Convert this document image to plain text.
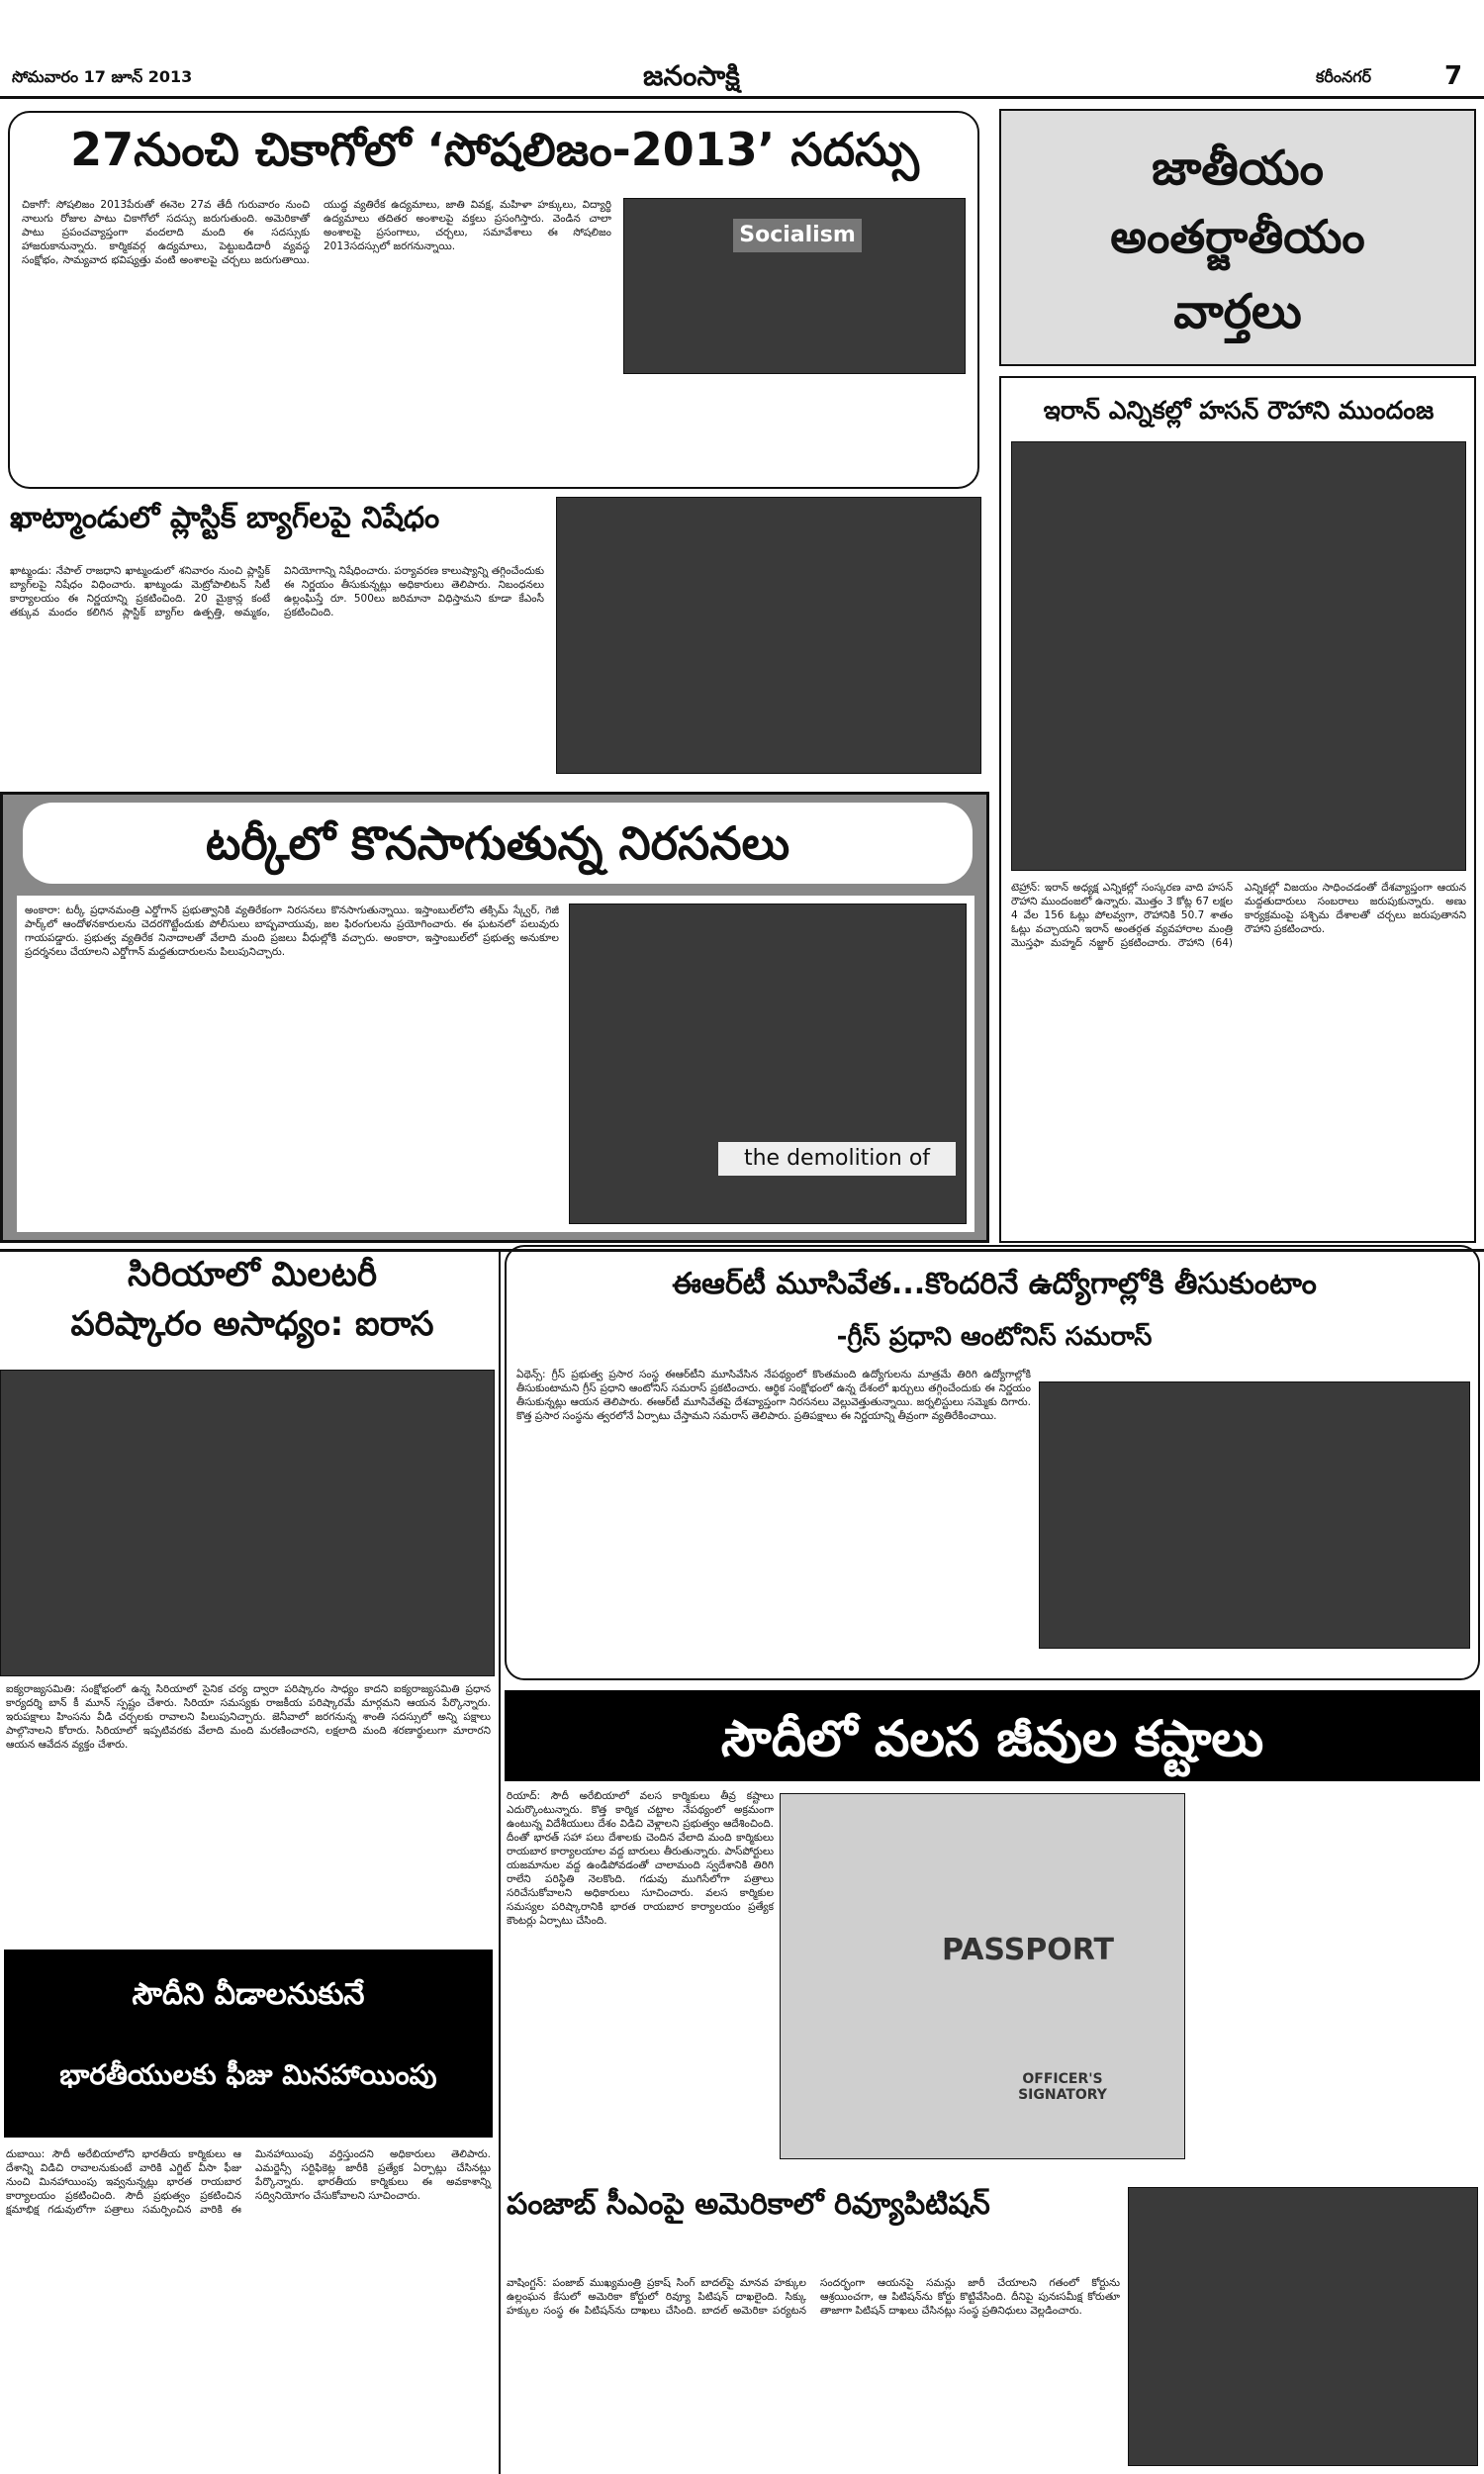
సోమవారం 17 జూన్ 2013	జనంసాక్షి	కరీంనగర్	7
27నుంచి చికాగోలో ‘సోషలిజం-2013’ సదస్సు
చికాగో: సోషలిజం 2013పేరుతో ఈనెల 27వ తేదీ గురువారం నుంచి నాలుగు రోజుల పాటు చికాగోలో సదస్సు జరుగుతుంది. అమెరికాతో పాటు ప్రపంచవ్యాప్తంగా వందలాది మంది ఈ సదస్సుకు హాజరుకానున్నారు. కార్మికవర్గ ఉద్యమాలు, పెట్టుబడిదారీ వ్యవస్థ సంక్షోభం, సామ్యవాద భవిష్యత్తు వంటి అంశాలపై చర్చలు జరుగుతాయి. యుద్ధ వ్యతిరేక ఉద్యమాలు, జాతి వివక్ష, మహిళా హక్కులు, విద్యార్థి ఉద్యమాలు తదితర అంశాలపై వక్తలు ప్రసంగిస్తారు. వెండిన చాలా అంశాలపై ప్రసంగాలు, చర్చలు, సమావేశాలు ఈ సోషలిజం 2013సదస్సులో జరగనున్నాయి.	Socialism
జాతీయం
అంతర్జాతీయం
వార్తలు
ఖాట్మాండులో ప్లాస్టిక్ బ్యాగ్‌లపై నిషేధం
ఖాట్మండు: నేపాల్ రాజధాని ఖాట్మండులో శనివారం నుంచి ప్లాస్టిక్ బ్యాగ్‌లపై నిషేధం విధించారు. ఖాట్మండు మెట్రోపాలిటన్ సిటీ కార్యాలయం ఈ నిర్ణయాన్ని ప్రకటించింది. 20 మైక్రాన్ల కంటే తక్కువ మందం కలిగిన ప్లాస్టిక్ బ్యాగ్‌ల ఉత్పత్తి, అమ్మకం, వినియోగాన్ని నిషేధించారు. పర్యావరణ కాలుష్యాన్ని తగ్గించేందుకు ఈ నిర్ణయం తీసుకున్నట్లు అధికారులు తెలిపారు. నిబంధనలు ఉల్లంఘిస్తే రూ. 500లు జరిమానా విధిస్తామని కూడా కేఎంసీ ప్రకటించింది.
ఇరాన్ ఎన్నికల్లో హసన్ రౌహాని ముందంజ
టెహ్రాన్: ఇరాన్ అధ్యక్ష ఎన్నికల్లో సంస్కరణ వాది హసన్ రౌహాని ముందంజలో ఉన్నారు. మొత్తం 3 కోట్ల 67 లక్షల 4 వేల 156 ఓట్లు పోలవ్వగా, రౌహానికి 50.7 శాతం ఓట్లు వచ్చాయని ఇరాన్ అంతర్గత వ్యవహారాల మంత్రి మొస్తఫా మహ్మద్ నజ్జార్ ప్రకటించారు. రౌహాని (64) ఎన్నికల్లో విజయం సాధించడంతో దేశవ్యాప్తంగా ఆయన మద్దతుదారులు సంబరాలు జరుపుకున్నారు. అణు కార్యక్రమంపై పశ్చిమ దేశాలతో చర్చలు జరుపుతానని రౌహాని ప్రకటించారు.
టర్కీలో కొనసాగుతున్న నిరసనలు
అంకారా: టర్కీ ప్రధానమంత్రి ఎర్డోగాన్ ప్రభుత్వానికి వ్యతిరేకంగా నిరసనలు కొనసాగుతున్నాయి. ఇస్తాంబుల్‌లోని తక్సిమ్ స్క్వేర్, గెజీ పార్క్‌లో ఆందోళనకారులను చెదరగొట్టేందుకు పోలీసులు బాష్పవాయువు, జల ఫిరంగులను ప్రయోగించారు. ఈ ఘటనలో పలువురు గాయపడ్డారు. ప్రభుత్వ వ్యతిరేక నినాదాలతో వేలాది మంది ప్రజలు వీధుల్లోకి వచ్చారు. అంకారా, ఇస్తాంబుల్‌లో ప్రభుత్వ అనుకూల ప్రదర్శనలు చేయాలని ఎర్డోగాన్ మద్దతుదారులను పిలుపునిచ్చారు.
the demolition of
సిరియాలో మిలటరీ
పరిష్కారం అసాధ్యం: ఐరాస
ఐక్యరాజ్యసమితి: సంక్షోభంలో ఉన్న సిరియాలో సైనిక చర్య ద్వారా పరిష్కారం సాధ్యం కాదని ఐక్యరాజ్యసమితి ప్రధాన కార్యదర్శి బాన్ కీ మూన్ స్పష్టం చేశారు. సిరియా సమస్యకు రాజకీయ పరిష్కారమే మార్గమని ఆయన పేర్కొన్నారు. ఇరుపక్షాలు హింసను వీడి చర్చలకు రావాలని పిలుపునిచ్చారు. జెనీవాలో జరగనున్న శాంతి సదస్సులో అన్ని పక్షాలు పాల్గొనాలని కోరారు. సిరియాలో ఇప్పటివరకు వేలాది మంది మరణించారని, లక్షలాది మంది శరణార్థులుగా మారారని ఆయన ఆవేదన వ్యక్తం చేశారు.
ఈఆర్‌టీ మూసివేత...కొందరినే ఉద్యోగాల్లోకి తీసుకుంటాం
-గ్రీస్ ప్రధాని ఆంటోనిస్ సమరాస్
ఏథెన్స్: గ్రీస్ ప్రభుత్వ ప్రసార సంస్థ ఈఆర్‌టీని మూసివేసిన నేపథ్యంలో కొంతమంది ఉద్యోగులను మాత్రమే తిరిగి ఉద్యోగాల్లోకి తీసుకుంటామని గ్రీస్ ప్రధాని ఆంటోనిస్ సమరాస్ ప్రకటించారు. ఆర్థిక సంక్షోభంలో ఉన్న దేశంలో ఖర్చులు తగ్గించేందుకు ఈ నిర్ణయం తీసుకున్నట్లు ఆయన తెలిపారు. ఈఆర్‌టీ మూసివేతపై దేశవ్యాప్తంగా నిరసనలు వెల్లువెత్తుతున్నాయి. జర్నలిస్టులు సమ్మెకు దిగారు. కొత్త ప్రసార సంస్థను త్వరలోనే ఏర్పాటు చేస్తామని సమరాస్ తెలిపారు. ప్రతిపక్షాలు ఈ నిర్ణయాన్ని తీవ్రంగా వ్యతిరేకించాయి.
సౌదీలో వలస జీవుల కష్టాలు
రియాద్: సౌదీ అరేబియాలో వలస కార్మికులు తీవ్ర కష్టాలు ఎదుర్కొంటున్నారు. కొత్త కార్మిక చట్టాల నేపథ్యంలో అక్రమంగా ఉంటున్న విదేశీయులు దేశం విడిచి వెళ్లాలని ప్రభుత్వం ఆదేశించింది. దీంతో భారత్ సహా పలు దేశాలకు చెందిన వేలాది మంది కార్మికులు రాయబార కార్యాలయాల వద్ద బారులు తీరుతున్నారు. పాస్‌పోర్టులు యజమానుల వద్ద ఉండిపోవడంతో చాలామంది స్వదేశానికి తిరిగి రాలేని పరిస్థితి నెలకొంది. గడువు ముగిసేలోగా పత్రాలు సరిచేసుకోవాలని అధికారులు సూచించారు. వలస కార్మికుల సమస్యల పరిష్కారానికి భారత రాయబార కార్యాలయం ప్రత్యేక కౌంటర్లు ఏర్పాటు చేసింది.
PASSPORT
OFFICER'S SIGNATORY
సౌదీని వీడాలనుకునే
భారతీయులకు ఫీజు మినహాయింపు
దుబాయి: సౌదీ అరేబియాలోని భారతీయ కార్మికులు ఆ దేశాన్ని విడిచి రావాలనుకుంటే వారికి ఎగ్జిట్ వీసా ఫీజు నుంచి మినహాయింపు ఇవ్వనున్నట్లు భారత రాయబార కార్యాలయం ప్రకటించింది. సౌదీ ప్రభుత్వం ప్రకటించిన క్షమాభిక్ష గడువులోగా పత్రాలు సమర్పించిన వారికి ఈ మినహాయింపు వర్తిస్తుందని అధికారులు తెలిపారు. ఎమర్జెన్సీ సర్టిఫికెట్ల జారీకి ప్రత్యేక ఏర్పాట్లు చేసినట్లు పేర్కొన్నారు. భారతీయ కార్మికులు ఈ అవకాశాన్ని సద్వినియోగం చేసుకోవాలని సూచించారు.	పంజాబ్ సీఎంపై అమెరికాలో రివ్యూపిటిషన్
వాషింగ్టన్: పంజాబ్ ముఖ్యమంత్రి ప్రకాష్ సింగ్ బాదల్‌పై మానవ హక్కుల ఉల్లంఘన కేసులో అమెరికా కోర్టులో రివ్యూ పిటిషన్ దాఖలైంది. సిక్కు హక్కుల సంస్థ ఈ పిటిషన్‌ను దాఖలు చేసింది. బాదల్ అమెరికా పర్యటన సందర్భంగా ఆయనపై సమన్లు జారీ చేయాలని గతంలో కోర్టును ఆశ్రయించగా, ఆ పిటిషన్‌ను కోర్టు కొట్టివేసింది. దీనిపై పునఃసమీక్ష కోరుతూ తాజాగా పిటిషన్ దాఖలు చేసినట్లు సంస్థ ప్రతినిధులు వెల్లడించారు.
